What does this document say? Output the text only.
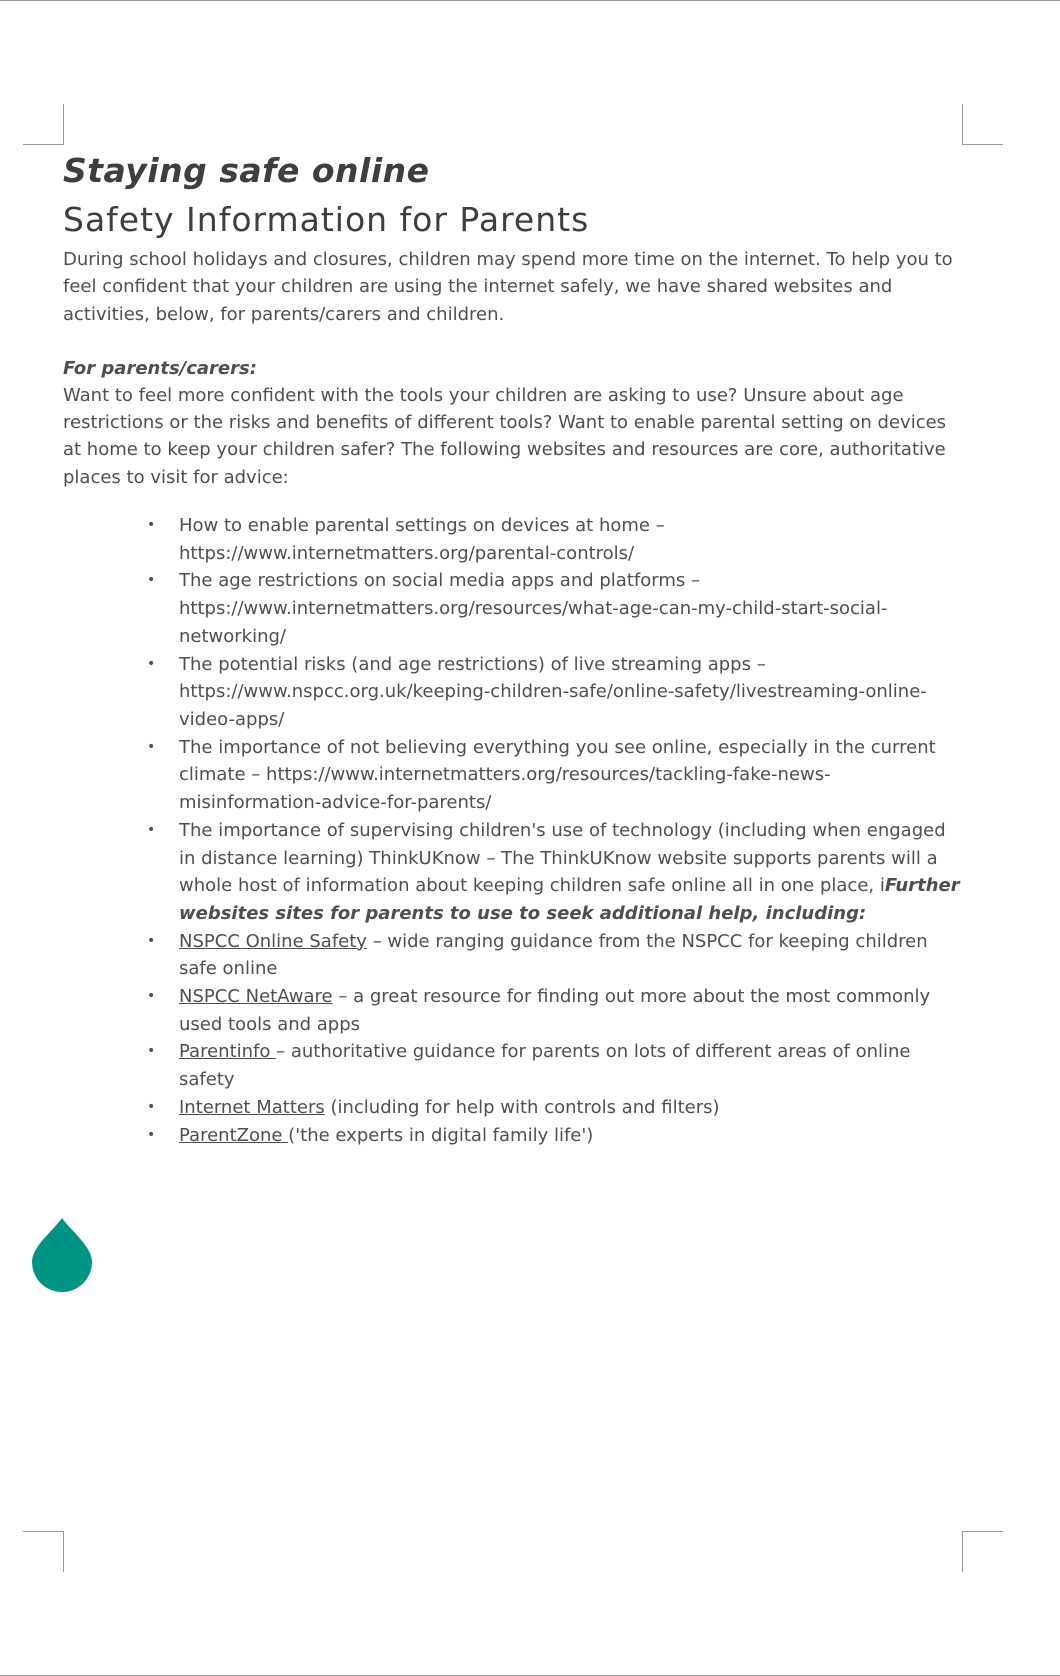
Staying safe online
Safety Information for Parents

During school holidays and closures, children may spend more time on the internet. To help you to feel confident that your children are using the internet safely, we have shared websites and activities, below, for parents/carers and children.

For parents/carers:

Want to feel more confident with the tools your children are asking to use? Unsure about age restrictions or the risks and benefits of different tools? Want to enable parental setting on devices at home to keep your children safer? The following websites and resources are core, authoritative places to visit for advice:

• How to enable parental settings on devices at home – https://www.internetmatters.org/parental-controls/
• The age restrictions on social media apps and platforms – https://www.internetmatters.org/resources/what-age-can-my-child-start-social-networking/
• The potential risks (and age restrictions) of live streaming apps – https://www.nspcc.org.uk/keeping-children-safe/online-safety/livestreaming-online-video-apps/
• The importance of not believing everything you see online, especially in the current climate – https://www.internetmatters.org/resources/tackling-fake-news-misinformation-advice-for-parents/
• The importance of supervising children's use of technology (including when engaged in distance learning) ThinkUKnow – The ThinkUKnow website supports parents will a whole host of information about keeping children safe online all in one place, iFurther websites sites for parents to use to seek additional help, including:
• NSPCC Online Safety – wide ranging guidance from the NSPCC for keeping children safe online
• NSPCC NetAware – a great resource for finding out more about the most commonly used tools and apps
• Parentinfo – authoritative guidance for parents on lots of different areas of online safety
• Internet Matters (including for help with controls and filters)
• ParentZone ('the experts in digital family life')
